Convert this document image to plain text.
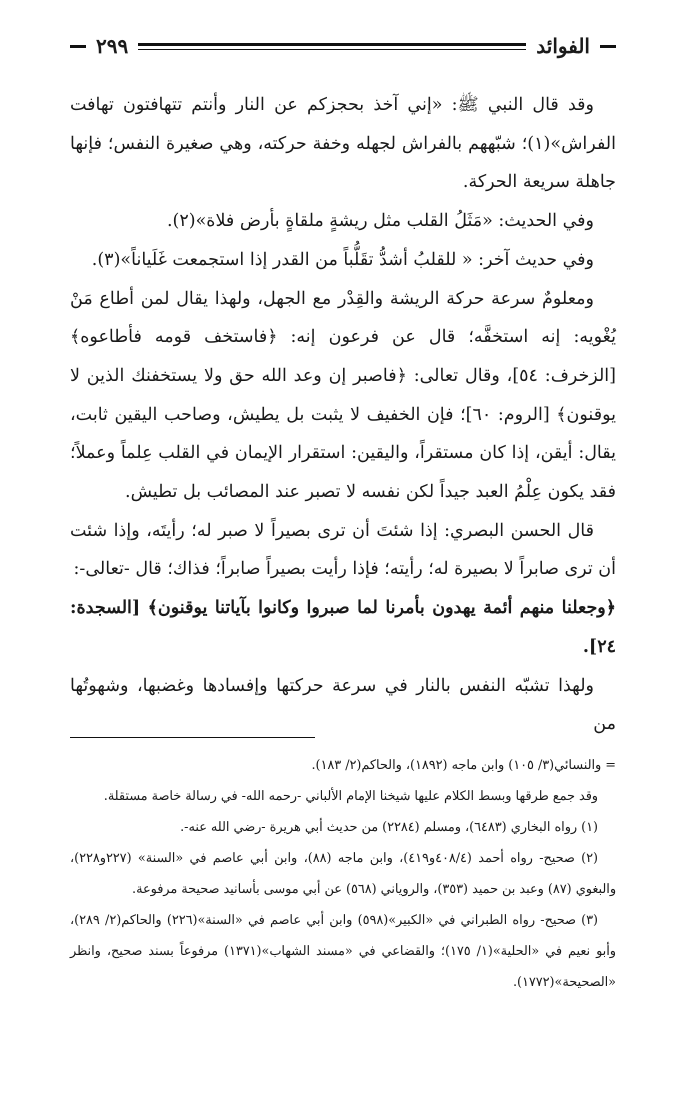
الفوائد
٢٩٩

وقد قال النبي ﷺ: «إني آخذ بحجزكم عن النار وأنتم تتهافتون تهافت الفراش»(١)؛ شبّههم بالفراش لجهله وخفة حركته، وهي صغيرة النفس؛ فإنها جاهلة سريعة الحركة.

وفي الحديث: «مَثَلُ القلب مثل ريشةٍ ملقاةٍ بأرض فلاة»(٢).

وفي حديث آخر: « للقلبُ أشدُّ تقَلُّباً من القدر إذا استجمعت غَلَياناً»(٣).

ومعلومٌ سرعة حركة الريشة والقِدْر مع الجهل، ولهذا يقال لمن أطاع مَنْ يُغْويه: إنه استخفَّه؛ قال عن فرعون إنه: ﴿فاستخف قومه فأطاعوه﴾ [الزخرف: ٥٤]، وقال تعالى: ﴿فاصبر إن وعد الله حق ولا يستخفنك الذين لا يوقنون﴾ [الروم: ٦٠]؛ فإن الخفيف لا يثبت بل يطيش، وصاحب اليقين ثابت، يقال: أيقن، إذا كان مستقراً، واليقين: استقرار الإيمان في القلب عِلماً وعملاً؛ فقد يكون عِلْمُ العبد جيداً لكن نفسه لا تصبر عند المصائب بل تطيش.

قال الحسن البصري: إذا شئتَ أن ترى بصيراً لا صبر له؛ رأيتَه، وإذا شئت أن ترى صابراً لا بصيرة له؛ رأيته؛ فإذا رأيت بصيراً صابراً؛ فذاك؛ قال -تعالى-:

﴿وجعلنا منهم أئمة يهدون بأمرنا لما صبروا وكانوا بآياتنا يوقنون﴾ [السجدة: ٢٤].

ولهذا تشبّه النفس بالنار في سرعة حركتها وإفسادها وغضبها، وشهوتُها من

= والنسائي(٣/ ١٠٥) وابن ماجه (١٨٩٢)، والحاكم(٢/ ١٨٣).

وقد جمع طرقها وبسط الكلام عليها شيخنا الإمام الألباني -رحمه الله- في رسالة خاصة مستقلة.

(١) رواه البخاري (٦٤٨٣)، ومسلم (٢٢٨٤) من حديث أبي هريرة -رضي الله عنه-.

(٢) صحيح- رواه أحمد (٤٠٨/٤و٤١٩)، وابن ماجه (٨٨)، وابن أبي عاصم في «السنة» (٢٢٧و٢٢٨)، والبغوي (٨٧) وعبد بن حميد (٣٥٣)، والروياني (٥٦٨) عن أبي موسى بأسانيد صحيحة مرفوعة.

(٣) صحيح- رواه الطبراني في «الكبير»(٥٩٨) وابن أبي عاصم في «السنة»(٢٢٦) والحاكم(٢/ ٢٨٩)، وأبو نعيم في «الحلية»(١/ ١٧٥)؛ والقضاعي في «مسند الشهاب»(١٣٧١) مرفوعاً بسند صحيح، وانظر «الصحيحة»(١٧٧٢).
